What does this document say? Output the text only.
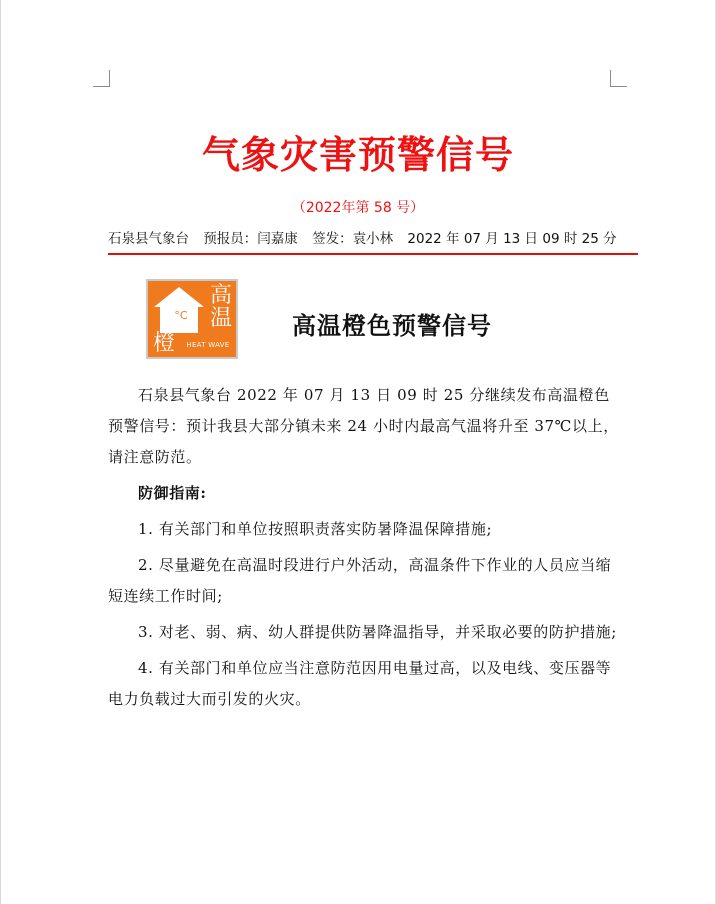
气象灾害预警信号
（2022年第 58 号）
石泉县气象台 预报员：闫嘉康 签发：袁小林 2022 年 07 月 13 日 09 时 25 分
°C
高
温
橙	HEAT WAVE
高温橙色预警信号

石泉县气象台 2022 年 07 月 13 日 09 时 25 分继续发布高温橙色预警信号：预计我县大部分镇未来 24 小时内最高气温将升至 37℃以上，请注意防范。

防御指南:

1. 有关部门和单位按照职责落实防暑降温保障措施;

2. 尽量避免在高温时段进行户外活动，高温条件下作业的人员应当缩短连续工作时间;

3. 对老、弱、病、幼人群提供防暑降温指导，并采取必要的防护措施;

4. 有关部门和单位应当注意防范因用电量过高，以及电线、变压器等电力负载过大而引发的火灾。
